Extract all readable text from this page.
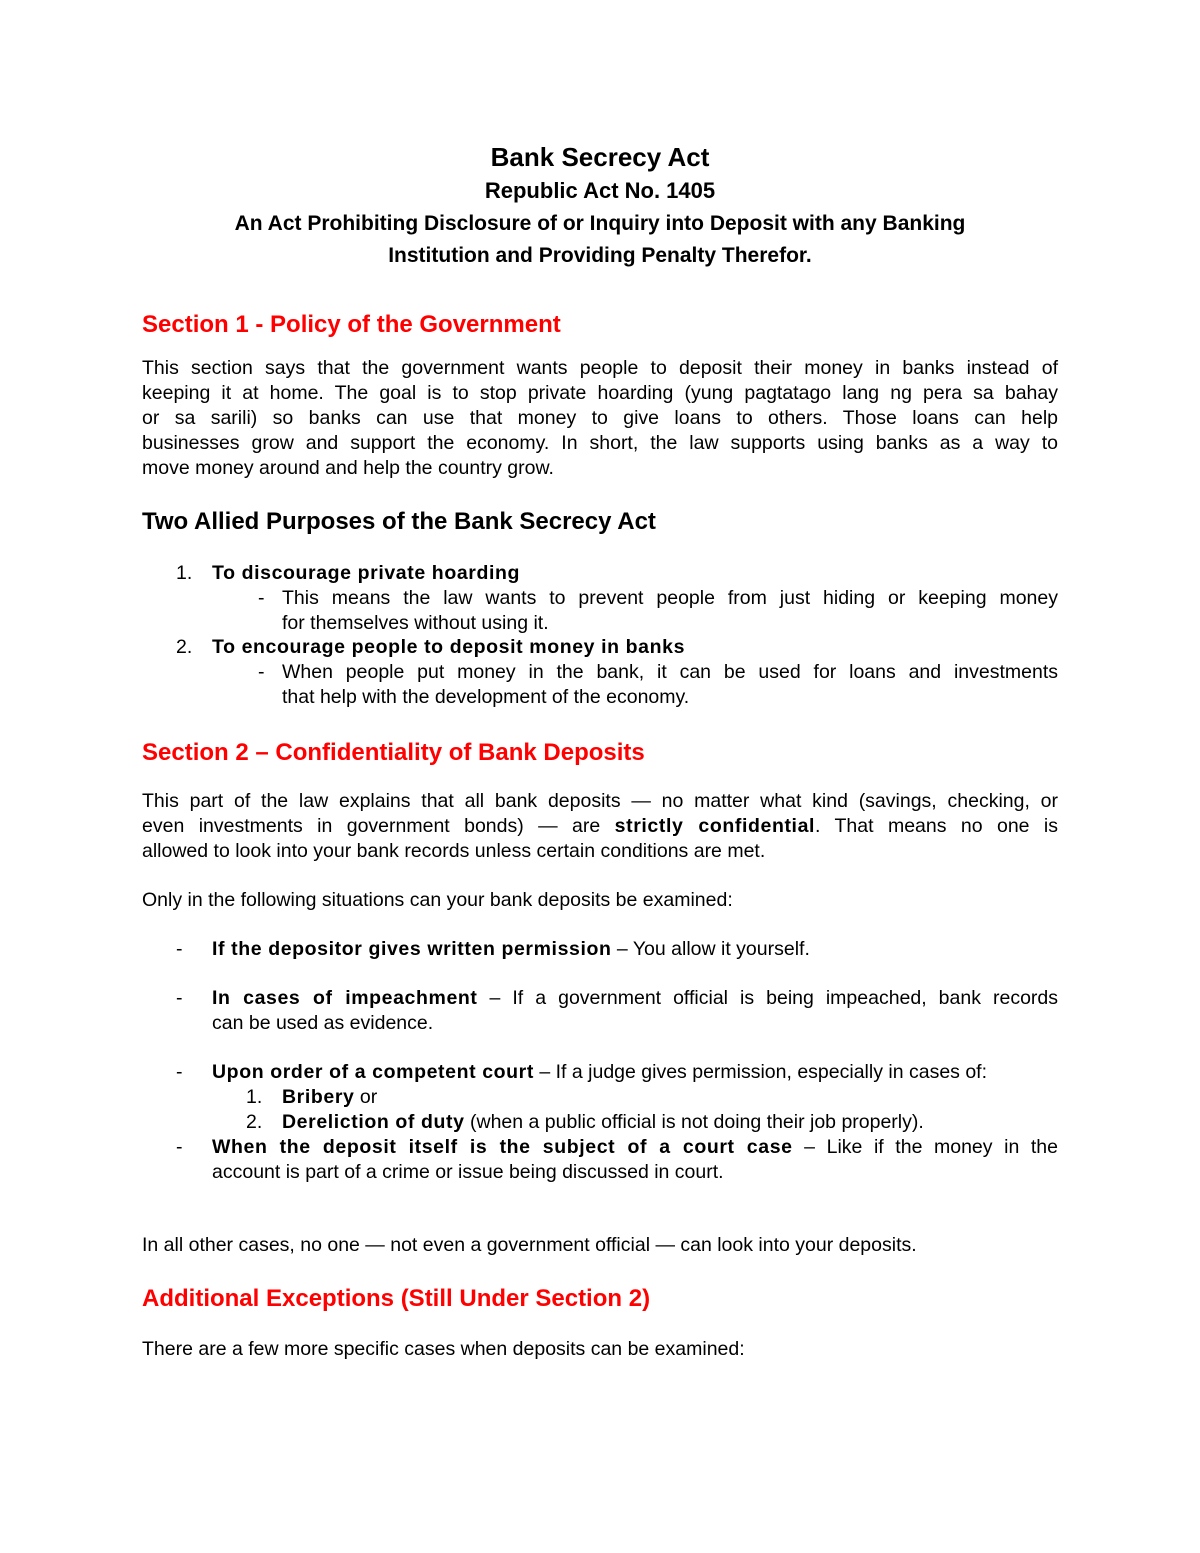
Bank Secrecy Act
Republic Act No. 1405
An Act Prohibiting Disclosure of or Inquiry into Deposit with any Banking
Institution and Providing Penalty Therefor.
Section 1 - Policy of the Government
This section says that the government wants people to deposit their money in banks instead of
keeping it at home. The goal is to stop private hoarding (yung pagtatago lang ng pera sa bahay
or sa sarili) so banks can use that money to give loans to others. Those loans can help
businesses grow and support the economy. In short, the law supports using banks as a way to
move money around and help the country grow.
Two Allied Purposes of the Bank Secrecy Act
1. To discourage private hoarding
- This means the law wants to prevent people from just hiding or keeping money
for themselves without using it.
2. To encourage people to deposit money in banks
- When people put money in the bank, it can be used for loans and investments
that help with the development of the economy.
Section 2 – Confidentiality of Bank Deposits
This part of the law explains that all bank deposits — no matter what kind (savings, checking, or
even investments in government bonds) — are strictly confidential. That means no one is
allowed to look into your bank records unless certain conditions are met.
Only in the following situations can your bank deposits be examined:
- If the depositor gives written permission – You allow it yourself.
- In cases of impeachment – If a government official is being impeached, bank records
can be used as evidence.
- Upon order of a competent court – If a judge gives permission, especially in cases of:
1. Bribery or
2. Dereliction of duty (when a public official is not doing their job properly).
- When the deposit itself is the subject of a court case – Like if the money in the
account is part of a crime or issue being discussed in court.
In all other cases, no one — not even a government official — can look into your deposits.
Additional Exceptions (Still Under Section 2)
There are a few more specific cases when deposits can be examined:
